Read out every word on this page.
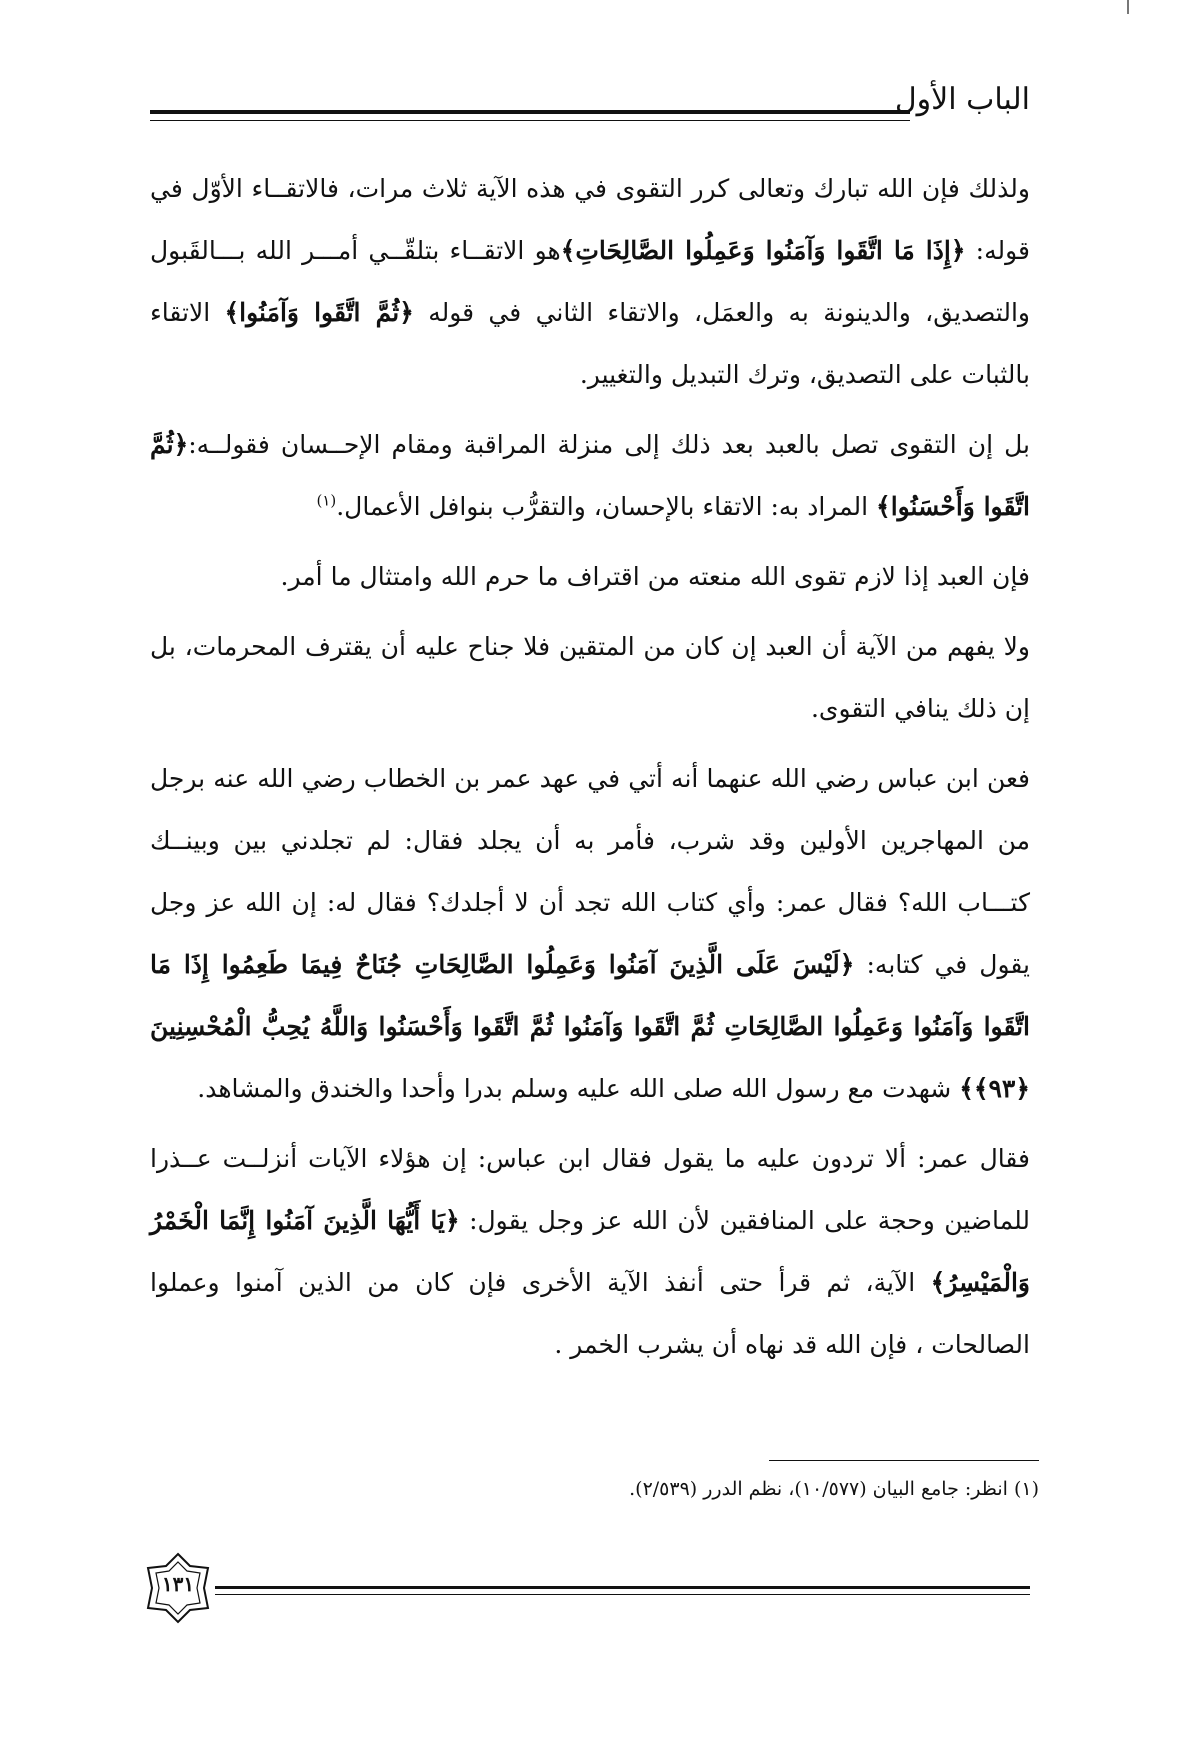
الباب الأول

ولذلك فإن الله تبارك وتعالى كرر التقوى في هذه الآية ثلاث مرات، فالاتقــاء الأوّل في قوله: ﴿إِذَا مَا اتَّقَوا وَآمَنُوا وَعَمِلُوا الصَّالِحَاتِ﴾هو الاتقــاء بتلقّــي أمـــر الله بـــالقَبول والتصديق، والدينونة به والعمَل، والاتقاء الثاني في قوله ﴿ثُمَّ اتَّقَوا وَآمَنُوا﴾ الاتقاء بالثبات على التصديق، وترك التبديل والتغيير.

بل إن التقوى تصل بالعبد بعد ذلك إلى منزلة المراقبة ومقام الإحــسان فقولــه:﴿ثُمَّ اتَّقَوا وَأَحْسَنُوا﴾ المراد به: الاتقاء بالإحسان، والتقرُّب بنوافل الأعمال.$^{(١)}$

فإن العبد إذا لازم تقوى الله منعته من اقتراف ما حرم الله وامتثال ما أمر.

ولا يفهم من الآية أن العبد إن كان من المتقين فلا جناح عليه أن يقترف المحرمات، بل إن ذلك ينافي التقوى.

فعن ابن عباس رضي الله عنهما أنه أتي في عهد عمر بن الخطاب رضي الله عنه برجل من المهاجرين الأولين وقد شرب، فأمر به أن يجلد فقال: لم تجلدني بين وبينــك كتـــاب الله؟ فقال عمر: وأي كتاب الله تجد أن لا أجلدك؟ فقال له: إن الله عز وجل يقول في كتابه: ﴿لَيْسَ عَلَى الَّذِينَ آمَنُوا وَعَمِلُوا الصَّالِحَاتِ جُنَاحٌ فِيمَا طَعِمُوا إِذَا مَا اتَّقَوا وَآمَنُوا وَعَمِلُوا الصَّالِحَاتِ ثُمَّ اتَّقَوا وَآمَنُوا ثُمَّ اتَّقَوا وَأَحْسَنُوا وَاللَّهُ يُحِبُّ الْمُحْسِنِينَ ﴿٩٣﴾﴾ شهدت مع رسول الله صلى الله عليه وسلم بدرا وأحدا والخندق والمشاهد.

فقال عمر: ألا تردون عليه ما يقول فقال ابن عباس: إن هؤلاء الآيات أنزلــت عــذرا للماضين وحجة على المنافقين لأن الله عز وجل يقول: ﴿يَا أَيُّهَا الَّذِينَ آمَنُوا إِنَّمَا الْخَمْرُ وَالْمَيْسِرُ﴾ الآية، ثم قرأ حتى أنفذ الآية الأخرى فإن كان من الذين آمنوا وعملوا الصالحات ، فإن الله قد نهاه أن يشرب الخمر .

(١) انظر: جامع البيان (١٠/٥٧٧)، نظم الدرر (٢/٥٣٩).
١٣١
